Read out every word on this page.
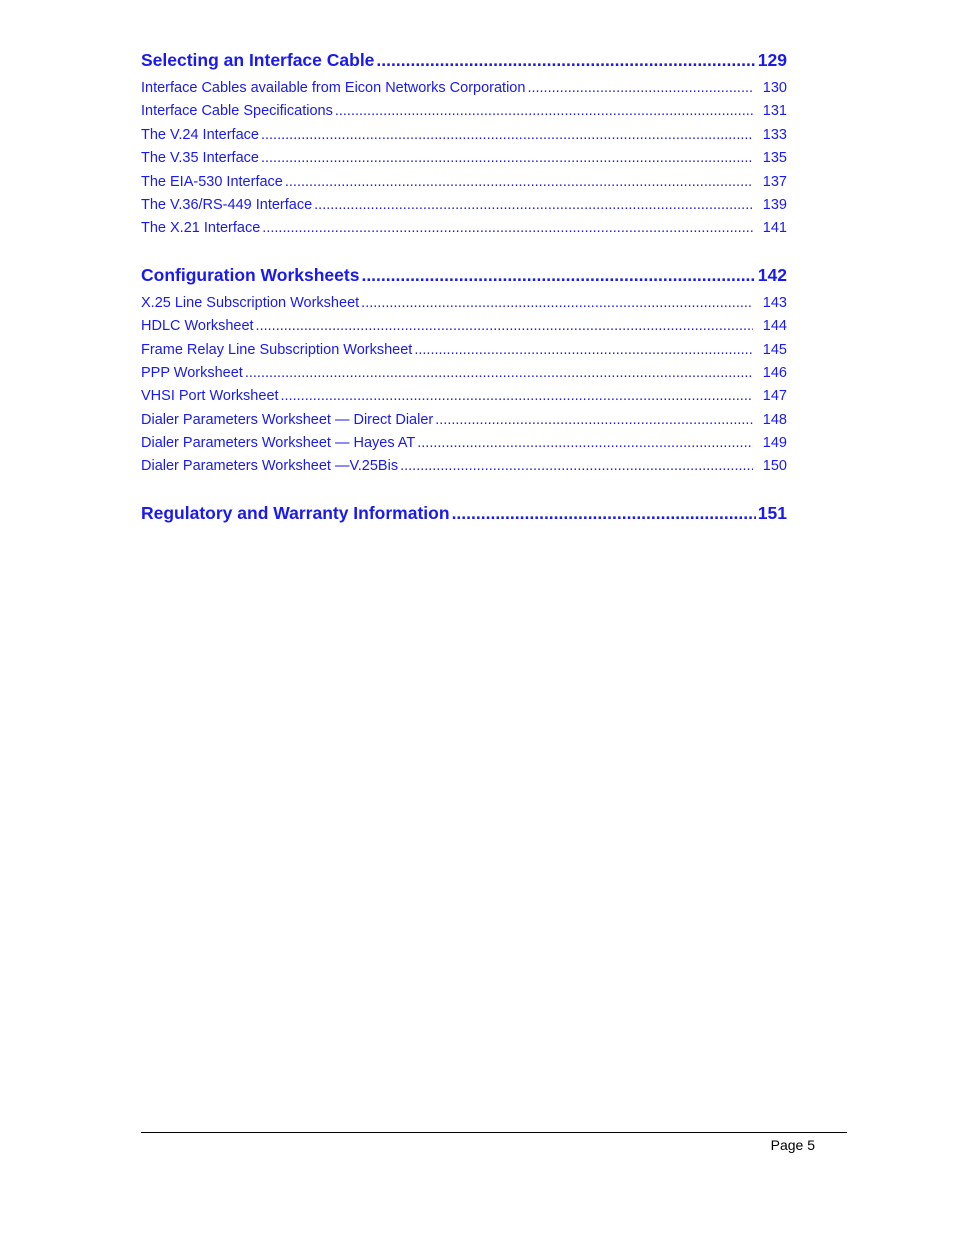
Selecting an Interface Cable .....	129
Interface Cables available from Eicon Networks Corporation .....	130
Interface Cable Specifications .....	131
The V.24 Interface .....	133
The V.35 Interface .....	135
The EIA-530 Interface .....	137
The V.36/RS-449 Interface .....	139
The X.21 Interface .....	141
Configuration Worksheets .....	142
X.25 Line Subscription Worksheet .....	143
HDLC Worksheet .....	144
Frame Relay Line Subscription Worksheet .....	145
PPP Worksheet .....	146
VHSI Port Worksheet .....	147
Dialer Parameters Worksheet — Direct Dialer .....	148
Dialer Parameters Worksheet — Hayes AT .....	149
Dialer Parameters Worksheet —V.25Bis .....	150
Regulatory and Warranty Information .....	151
Page 5
